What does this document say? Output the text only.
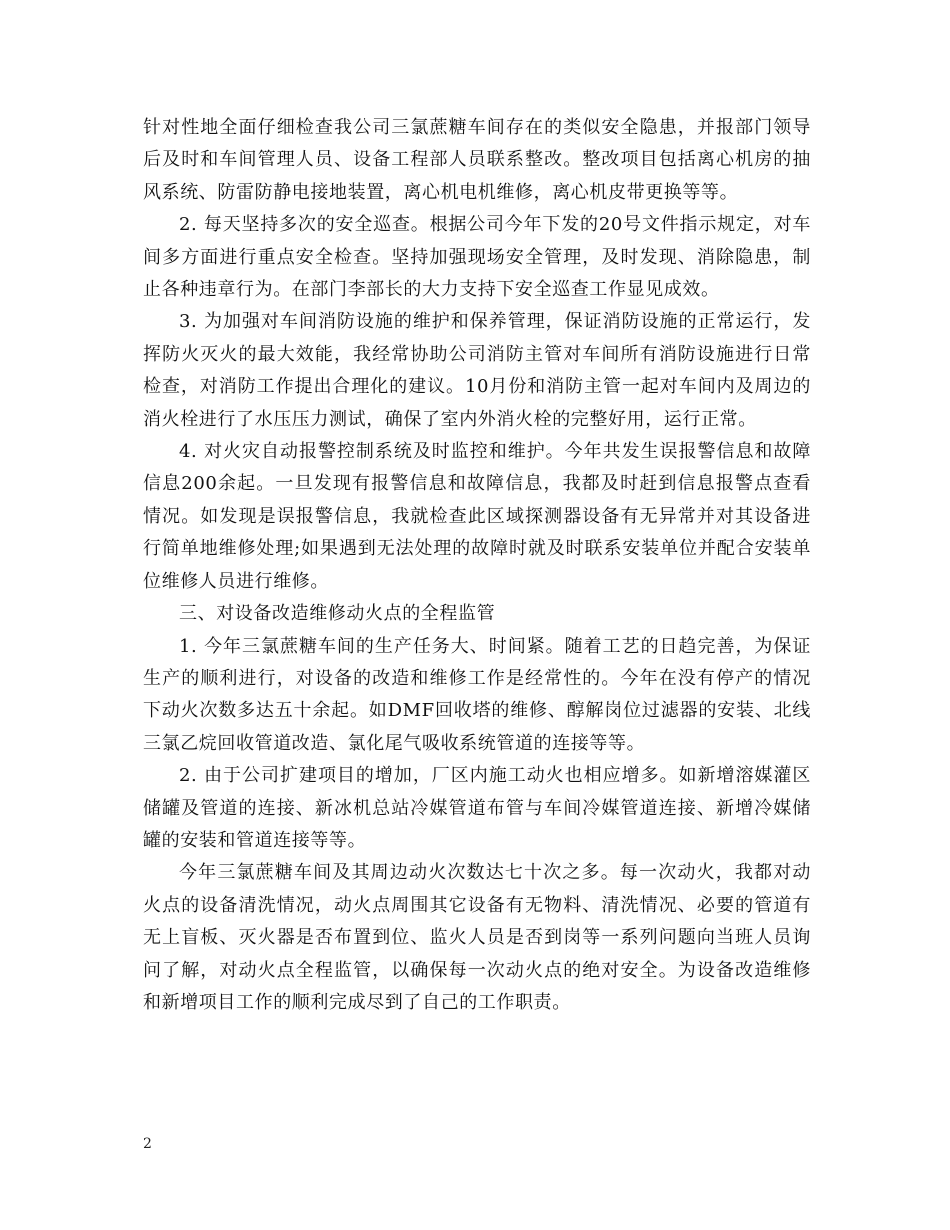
针对性地全面仔细检查我公司三氯蔗糖车间存在的类似安全隐患，并报部门领导后及时和车间管理人员、设备工程部人员联系整改。整改项目包括离心机房的抽风系统、防雷防静电接地装置，离心机电机维修，离心机皮带更换等等。

2. 每天坚持多次的安全巡查。根据公司今年下发的20号文件指示规定，对车间多方面进行重点安全检查。坚持加强现场安全管理，及时发现、消除隐患，制止各种违章行为。在部门李部长的大力支持下安全巡查工作显见成效。

3. 为加强对车间消防设施的维护和保养管理，保证消防设施的正常运行，发挥防火灭火的最大效能，我经常协助公司消防主管对车间所有消防设施进行日常检查，对消防工作提出合理化的建议。10月份和消防主管一起对车间内及周边的消火栓进行了水压压力测试，确保了室内外消火栓的完整好用，运行正常。

4. 对火灾自动报警控制系统及时监控和维护。今年共发生误报警信息和故障信息200余起。一旦发现有报警信息和故障信息，我都及时赶到信息报警点查看情况。如发现是误报警信息，我就检查此区域探测器设备有无异常并对其设备进行简单地维修处理;如果遇到无法处理的故障时就及时联系安装单位并配合安装单位维修人员进行维修。

三、对设备改造维修动火点的全程监管

1. 今年三氯蔗糖车间的生产任务大、时间紧。随着工艺的日趋完善，为保证生产的顺利进行，对设备的改造和维修工作是经常性的。今年在没有停产的情况下动火次数多达五十余起。如DMF回收塔的维修、醇解岗位过滤器的安装、北线三氯乙烷回收管道改造、氯化尾气吸收系统管道的连接等等。

2. 由于公司扩建项目的增加，厂区内施工动火也相应增多。如新增溶媒灌区储罐及管道的连接、新冰机总站冷媒管道布管与车间冷媒管道连接、新增冷媒储罐的安装和管道连接等等。

今年三氯蔗糖车间及其周边动火次数达七十次之多。每一次动火，我都对动火点的设备清洗情况，动火点周围其它设备有无物料、清洗情况、必要的管道有无上盲板、灭火器是否布置到位、监火人员是否到岗等一系列问题向当班人员询问了解，对动火点全程监管，以确保每一次动火点的绝对安全。为设备改造维修和新增项目工作的顺利完成尽到了自己的工作职责。

2
